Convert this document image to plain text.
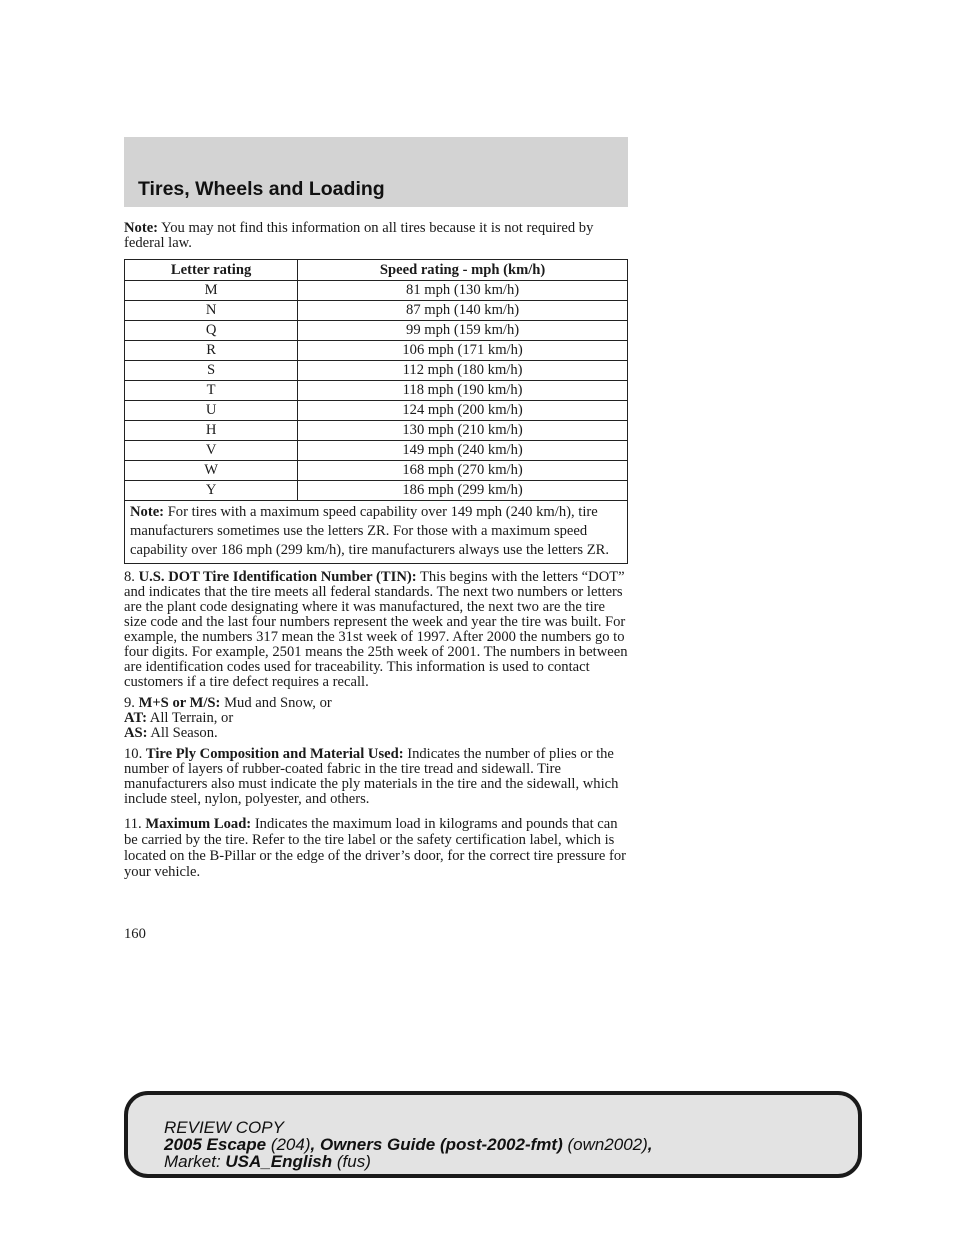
Tires, Wheels and Loading

Note: You may not find this information on all tires because it is not required by federal law.

Letter rating	Speed rating - mph (km/h)
M	81 mph (130 km/h)
N	87 mph (140 km/h)
Q	99 mph (159 km/h)
R	106 mph (171 km/h)
S	112 mph (180 km/h)
T	118 mph (190 km/h)
U	124 mph (200 km/h)
H	130 mph (210 km/h)
V	149 mph (240 km/h)
W	168 mph (270 km/h)
Y	186 mph (299 km/h)
Note: For tires with a maximum speed capability over 149 mph (240 km/h), tire manufacturers sometimes use the letters ZR. For those with a maximum speed capability over 186 mph (299 km/h), tire manufacturers always use the letters ZR.	

8. U.S. DOT Tire Identification Number (TIN): This begins with the letters “DOT” and indicates that the tire meets all federal standards. The next two numbers or letters are the plant code designating where it was manufactured, the next two are the tire size code and the last four numbers represent the week and year the tire was built. For example, the numbers 317 mean the 31st week of 1997. After 2000 the numbers go to four digits. For example, 2501 means the 25th week of 2001. The numbers in between are identification codes used for traceability. This information is used to contact customers if a tire defect requires a recall.

9. M+S or M/S: Mud and Snow, or
AT: All Terrain, or
AS: All Season.

10. Tire Ply Composition and Material Used: Indicates the number of plies or the number of layers of rubber-coated fabric in the tire tread and sidewall. Tire manufacturers also must indicate the ply materials in the tire and the sidewall, which include steel, nylon, polyester, and others.

11. Maximum Load: Indicates the maximum load in kilograms and pounds that can be carried by the tire. Refer to the tire label or the safety certification label, which is located on the B-Pillar or the edge of the driver’s door, for the correct tire pressure for your vehicle.

160
REVIEW COPY
2005 Escape (204), Owners Guide (post-2002-fmt) (own2002),
Market: USA_English (fus)
